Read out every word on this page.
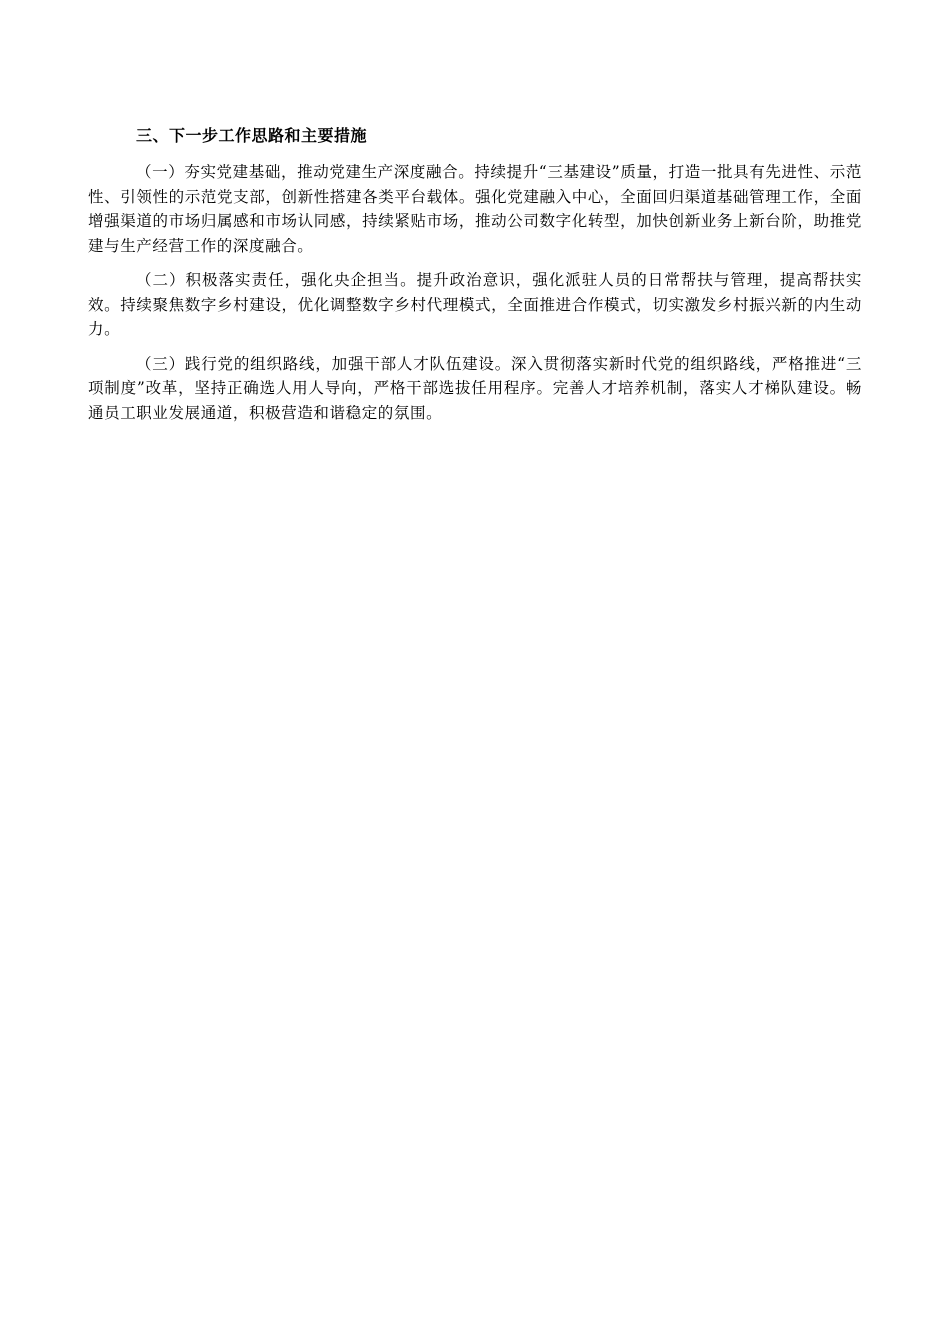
三、下一步工作思路和主要措施

（一）夯实党建基础，推动党建生产深度融合。持续提升“三基建设”质量，打造一批具有先进性、示范性、引领性的示范党支部，创新性搭建各类平台载体。强化党建融入中心，全面回归渠道基础管理工作，全面增强渠道的市场归属感和市场认同感，持续紧贴市场，推动公司数字化转型，加快创新业务上新台阶，助推党建与生产经营工作的深度融合。

（二）积极落实责任，强化央企担当。提升政治意识，强化派驻人员的日常帮扶与管理，提高帮扶实效。持续聚焦数字乡村建设，优化调整数字乡村代理模式，全面推进合作模式，切实激发乡村振兴新的内生动力。

（三）践行党的组织路线，加强干部人才队伍建设。深入贯彻落实新时代党的组织路线，严格推进“三项制度”改革，坚持正确选人用人导向，严格干部选拔任用程序。完善人才培养机制，落实人才梯队建设。畅通员工职业发展通道，积极营造和谐稳定的氛围。
